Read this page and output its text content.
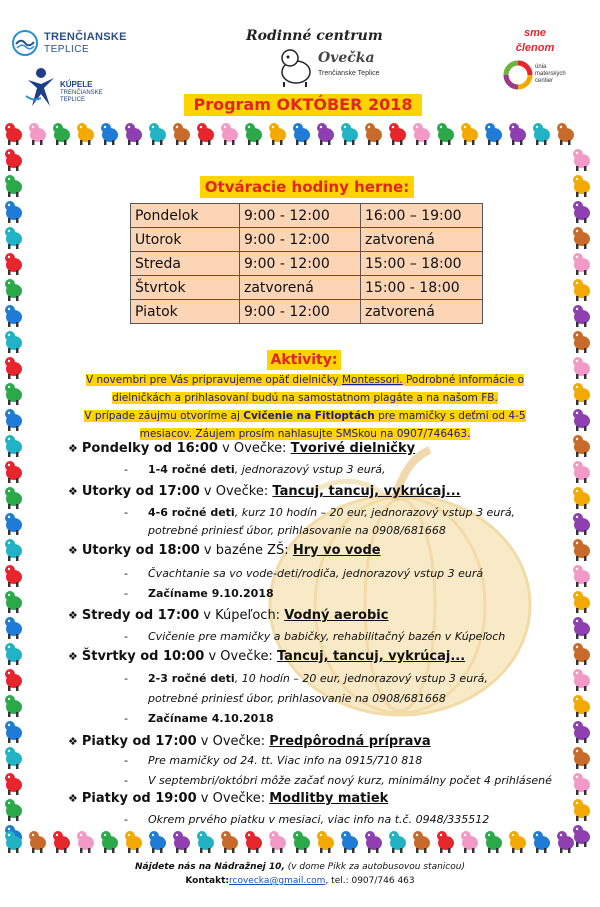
TRENČIANSKE
TEPLICE
KÚPELE
TRENČIANSKE TEPLICE
Rodinné centrum
Ovečka
Trenčianske Teplice
sme
členom
únia materských centier
Program OKTÓBER 2018
Otváracie hodiny herne:
Pondelok	9:00 - 12:00	16:00 – 19:00
Utorok	9:00 - 12:00	zatvorená
Streda	9:00 - 12:00	15:00 – 18:00
Štvrtok	zatvorená	15:00 - 18:00
Piatok	9:00 - 12:00	zatvorená
Aktivity:
V novembri pre Vás pripravujeme opäť dielničky Montessori. Podrobné informácie o dielničkách a prihlasovaní budú na samostatnom plagáte a na našom FB.
V prípade záujmu otvoríme aj Cvičenie na Fitloptách pre mamičky s deťmi od 4-5 mesiacov. Záujem prosím nahlasujte SMSkou na 0907/746463.
❖ Pondelky od 16:00 v Ovečke: Tvorivé dielničky
- 1-4 ročné deti, jednorazový vstup 3 eurá,
❖ Utorky od 17:00 v Ovečke: Tancuj, tancuj, vykrúcaj...
- 4-6 ročné deti, kurz 10 hodín – 20 eur, jednorazový vstup 3 eurá,
potrebné priniesť úbor, prihlasovanie na 0908/681668
❖ Utorky od 18:00 v bazéne ZŠ: Hry vo vode
- Čvachtanie sa vo vode-deti/rodiča, jednorazový vstup 3 eurá
- Začíname 9.10.2018
❖ Stredy od 17:00 v Kúpeľoch: Vodný aerobic
- Cvičenie pre mamičky a babičky, rehabilitačný bazén v Kúpeľoch
❖ Štvrtky od 10:00 v Ovečke: Tancuj, tancuj, vykrúcaj...
- 2-3 ročné deti, 10 hodín – 20 eur, jednorazový vstup 3 eurá,
potrebné priniesť úbor, prihlasovanie na 0908/681668
- Začíname 4.10.2018
❖ Piatky od 17:00 v Ovečke: Predpôrodná príprava
- Pre mamičky od 24. tt. Viac info na 0915/710 818
- V septembri/októbri môže začať nový kurz, minimálny počet 4 prihlásené
❖ Piatky od 19:00 v Ovečke: Modlitby matiek
- Okrem prvého piatku v mesiaci, viac info na t.č. 0948/335512
Nájdete nás na Nádražnej 10, (v dome Pikk za autobusovou stanicou)
Kontakt:rcovecka@gmail.com, tel.: 0907/746 463
